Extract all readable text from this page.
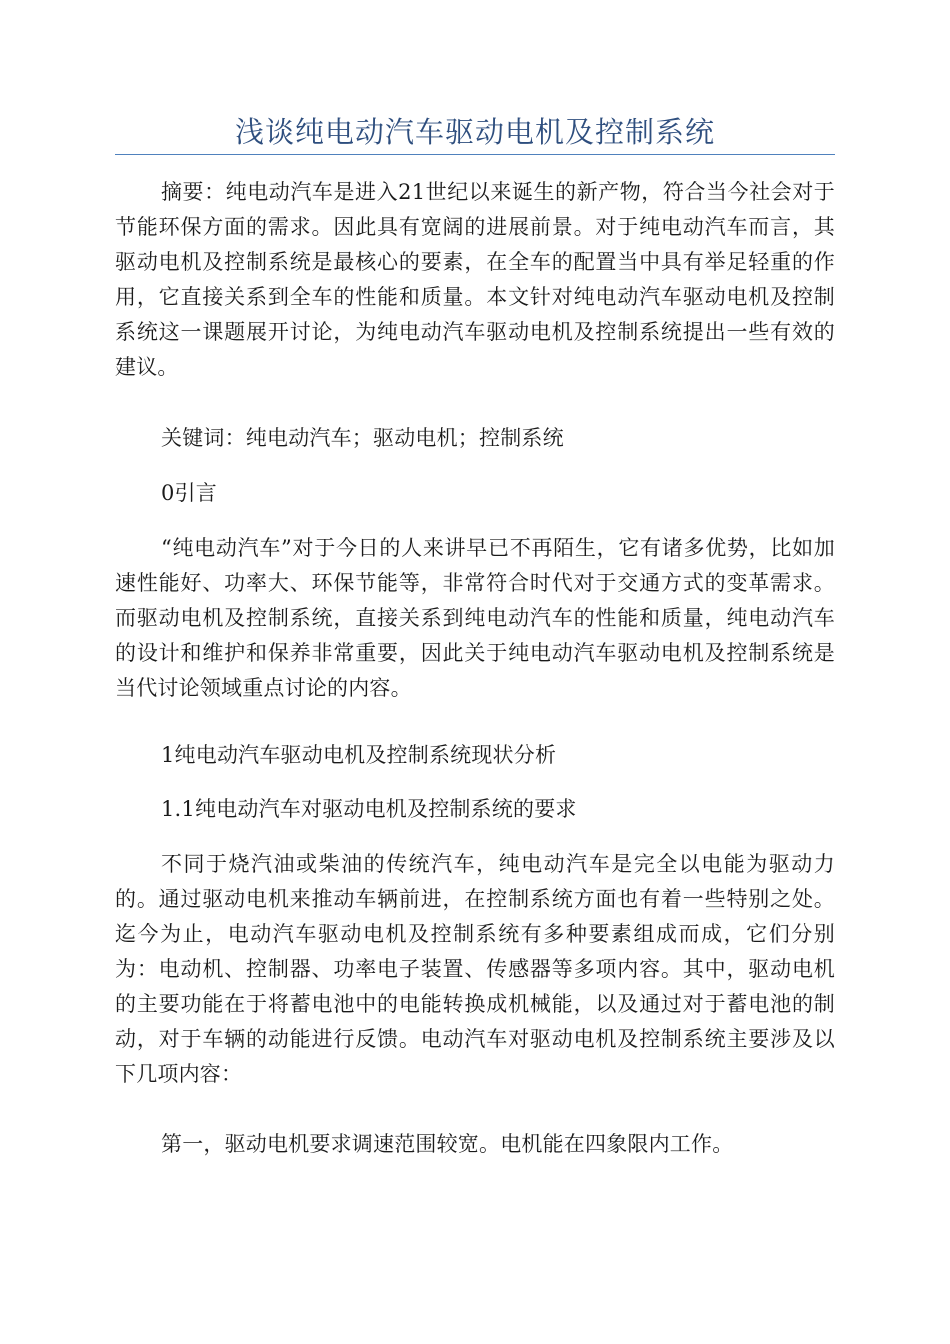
浅谈纯电动汽车驱动电机及控制系统

摘要：纯电动汽车是进入21世纪以来诞生的新产物，符合当今社会对于节能环保方面的需求。因此具有宽阔的进展前景。对于纯电动汽车而言，其驱动电机及控制系统是最核心的要素，在全车的配置当中具有举足轻重的作用，它直接关系到全车的性能和质量。本文针对纯电动汽车驱动电机及控制系统这一课题展开讨论，为纯电动汽车驱动电机及控制系统提出一些有效的建议。

关键词：纯电动汽车；驱动电机；控制系统

0引言

“纯电动汽车”对于今日的人来讲早已不再陌生，它有诸多优势，比如加速性能好、功率大、环保节能等，非常符合时代对于交通方式的变革需求。而驱动电机及控制系统，直接关系到纯电动汽车的性能和质量，纯电动汽车的设计和维护和保养非常重要，因此关于纯电动汽车驱动电机及控制系统是当代讨论领域重点讨论的内容。

1纯电动汽车驱动电机及控制系统现状分析

1.1纯电动汽车对驱动电机及控制系统的要求

不同于烧汽油或柴油的传统汽车，纯电动汽车是完全以电能为驱动力的。通过驱动电机来推动车辆前进，在控制系统方面也有着一些特别之处。迄今为止，电动汽车驱动电机及控制系统有多种要素组成而成，它们分别为：电动机、控制器、功率电子装置、传感器等多项内容。其中，驱动电机的主要功能在于将蓄电池中的电能转换成机械能，以及通过对于蓄电池的制动，对于车辆的动能进行反馈。电动汽车对驱动电机及控制系统主要涉及以下几项内容：

第一，驱动电机要求调速范围较宽。电机能在四象限内工作。
